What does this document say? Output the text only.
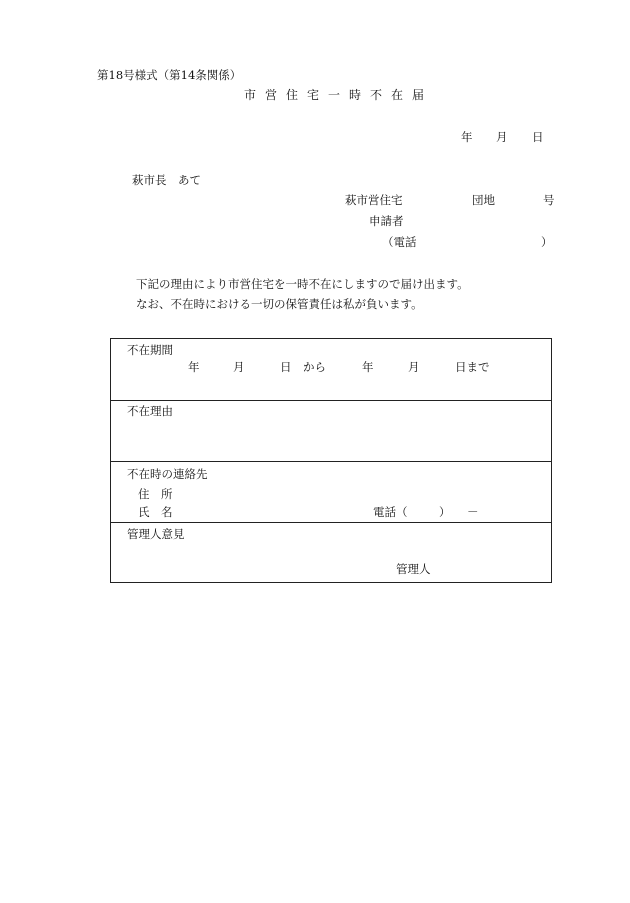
第18号様式（第14条関係）
市営住宅一時不在届
年 月 日
萩市長　あて
萩市営住宅	団地	号
申請者
（電話	）
下記の理由により市営住宅を一時不在にしますので届け出ます。
なお、不在時における一切の保管責任は私が負います。
不在期間
年	月	日 から	年	月	日まで
不在理由
不在時の連絡先
住　所
氏　名	電話（	） －
管理人意見
管理人
